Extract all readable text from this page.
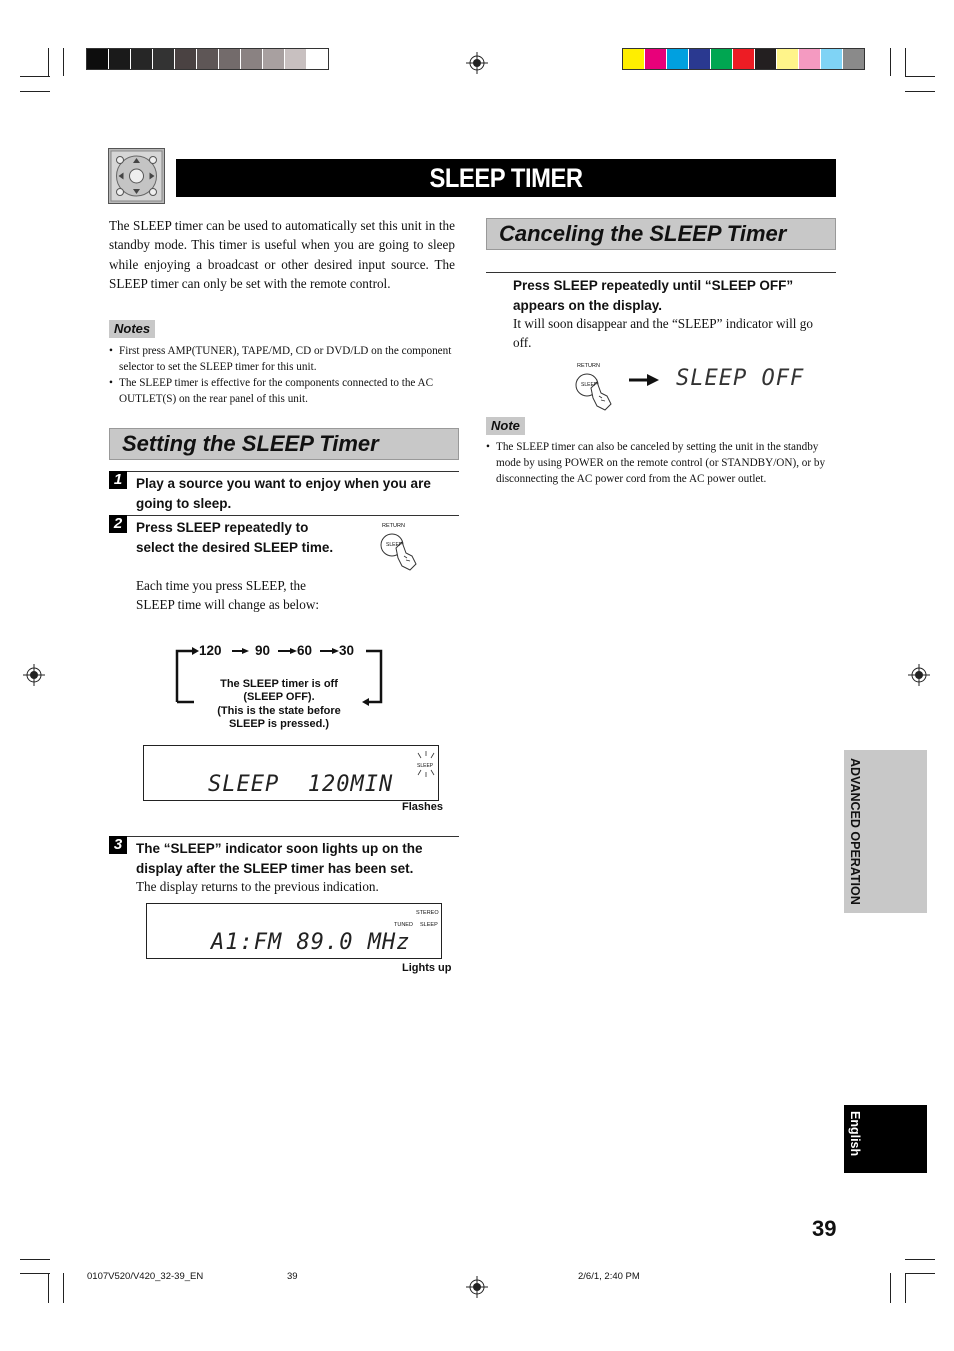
SLEEP TIMER
The SLEEP timer can be used to automatically set this unit in the standby mode. This timer is useful when you are going to sleep while enjoying a broadcast or other desired input source. The SLEEP timer can only be set with the remote control.
Notes
• First press AMP(TUNER), TAPE/MD, CD or DVD/LD on the component selector to set the SLEEP timer for this unit.
• The SLEEP timer is effective for the components connected to the AC OUTLET(S) on the rear panel of this unit.
Setting the SLEEP Timer
1	Play a source you want to enjoy when you are going to sleep.
2	Press SLEEP repeatedly to select the desired SLEEP time.
Each time you press SLEEP, the SLEEP time will change as below:
RETURN
SLEEP
120 90 60 30
The SLEEP timer is off
(SLEEP OFF).
(This is the state before
SLEEP is pressed.)
SLEEP  120MIN
SLEEP
Flashes
3	The “SLEEP” indicator soon lights up on the display after the SLEEP timer has been set.
The display returns to the previous indication.
A1:FM 89.0 MHz
STEREO
TUNED SLEEP
Lights up
Canceling the SLEEP Timer
Press SLEEP repeatedly until “SLEEP OFF” appears on the display.
It will soon disappear and the “SLEEP” indicator will go off.
RETURN
SLEEP	SLEEP OFF
Note
• The SLEEP timer can also be canceled by setting the unit in the standby mode by using POWER on the remote control (or STANDBY/ON), or by disconnecting the AC power cord from the AC power outlet.
ADVANCED OPERATION
English
39
0107V520/V420_32-39_EN	39	2/6/1, 2:40 PM
